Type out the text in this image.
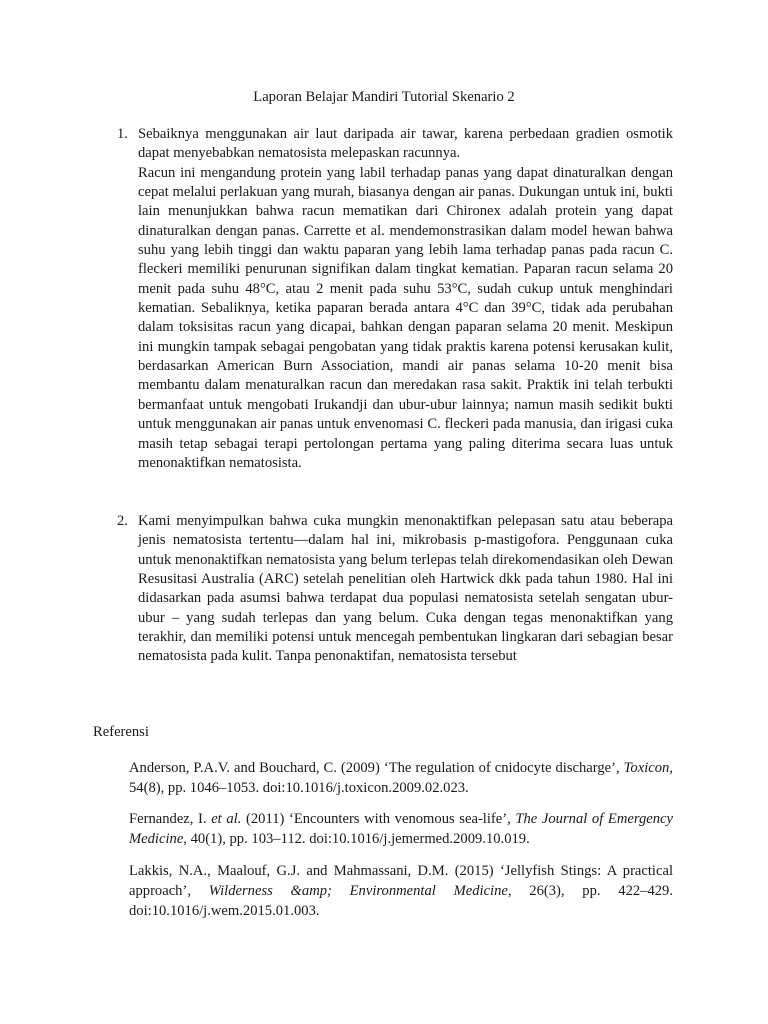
Laporan Belajar Mandiri Tutorial Skenario 2
1. Sebaiknya menggunakan air laut daripada air tawar, karena perbedaan gradien osmotik dapat menyebabkan nematosista melepaskan racunnya.

Racun ini mengandung protein yang labil terhadap panas yang dapat dinaturalkan dengan cepat melalui perlakuan yang murah, biasanya dengan air panas. Dukungan untuk ini, bukti lain menunjukkan bahwa racun mematikan dari Chironex adalah protein yang dapat dinaturalkan dengan panas. Carrette et al. mendemonstrasikan dalam model hewan bahwa suhu yang lebih tinggi dan waktu paparan yang lebih lama terhadap panas pada racun C. fleckeri memiliki penurunan signifikan dalam tingkat kematian. Paparan racun selama 20 menit pada suhu 48°C, atau 2 menit pada suhu 53°C, sudah cukup untuk menghindari kematian. Sebaliknya, ketika paparan berada antara 4°C dan 39°C, tidak ada perubahan dalam toksisitas racun yang dicapai, bahkan dengan paparan selama 20 menit. Meskipun ini mungkin tampak sebagai pengobatan yang tidak praktis karena potensi kerusakan kulit, berdasarkan American Burn Association, mandi air panas selama 10-20 menit bisa membantu dalam menaturalkan racun dan meredakan rasa sakit. Praktik ini telah terbukti bermanfaat untuk mengobati Irukandji dan ubur-ubur lainnya; namun masih sedikit bukti untuk menggunakan air panas untuk envenomasi C. fleckeri pada manusia, dan irigasi cuka masih tetap sebagai terapi pertolongan pertama yang paling diterima secara luas untuk menonaktifkan nematosista.

2. Kami menyimpulkan bahwa cuka mungkin menonaktifkan pelepasan satu atau beberapa jenis nematosista tertentu—dalam hal ini, mikrobasis p-mastigofora. Penggunaan cuka untuk menonaktifkan nematosista yang belum terlepas telah direkomendasikan oleh Dewan Resusitasi Australia (ARC) setelah penelitian oleh Hartwick dkk pada tahun 1980. Hal ini didasarkan pada asumsi bahwa terdapat dua populasi nematosista setelah sengatan ubur-ubur – yang sudah terlepas dan yang belum. Cuka dengan tegas menonaktifkan yang terakhir, dan memiliki potensi untuk mencegah pembentukan lingkaran dari sebagian besar nematosista pada kulit. Tanpa penonaktifan, nematosista tersebut

Referensi

Anderson, P.A.V. and Bouchard, C. (2009) ‘The regulation of cnidocyte discharge’, Toxicon, 54(8), pp. 1046–1053. doi:10.1016/j.toxicon.2009.02.023.

Fernandez, I. et al. (2011) ‘Encounters with venomous sea-life’, The Journal of Emergency Medicine, 40(1), pp. 103–112. doi:10.1016/j.jemermed.2009.10.019.

Lakkis, N.A., Maalouf, G.J. and Mahmassani, D.M. (2015) ‘Jellyfish Stings: A practical approach’, Wilderness &amp; Environmental Medicine, 26(3), pp. 422–429. doi:10.1016/j.wem.2015.01.003.
